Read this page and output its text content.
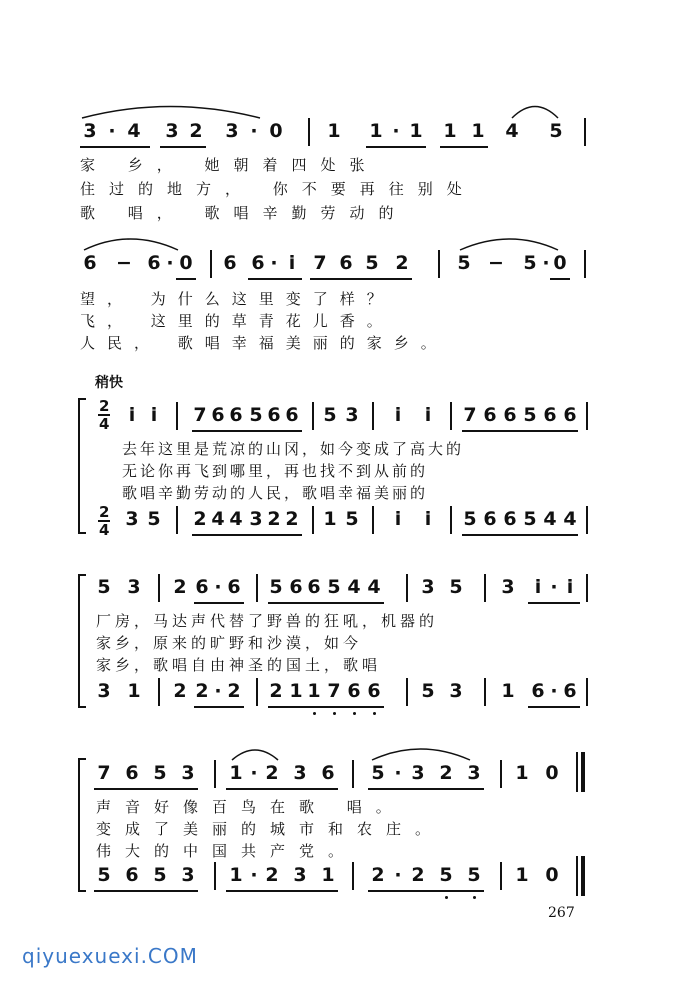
3 · 4 3 2 3 · 0 1 1 · 1 1 1 4 5
家 乡， 她朝着四处张
住过的地方， 你不要再往别处
歌 唱， 歌唱辛勤劳动的
6 − 6 · 0 6 6 · i 7 6 5 2	5 − 5 · 0
望， 为什么这里变了样？
飞， 这里的草青花儿香。
人民， 歌唱幸福美丽的家乡。
稍快
2
4 i i 7 6 6 5 6 6 5 3 i i 7 6 6 5 6 6
去年这里是荒凉的山冈，如今变成了高大的
无论你再飞到哪里，再也找不到从前的
歌唱辛勤劳动的人民，歌唱幸福美丽的
2
4 3 5 2 4 4 3 2 2 1 5 i i 5 6 6 5 4 4
5 3 2 6 · 6 5 6 6 5 4 4 3 5 3 i · i
厂房，马达声代替了野兽的狂吼，机器的
家乡，原来的旷野和沙漠，如今
家乡，歌唱自由神圣的国土，歌唱
3 1 2 2 · 2 2 1 1 7 6 6 5 3 1 6 · 6
7 6 5 3 1 · 2 3 6 5 · 3 2 3 1 0
声音好像百鸟在歌 唱。
变成了美丽的城市和农庄。
伟大的中国共产党。
5 6 5 3 1 · 2 3 1 2 · 2 5 5 1 0
267
qiyuexuexi.COM
